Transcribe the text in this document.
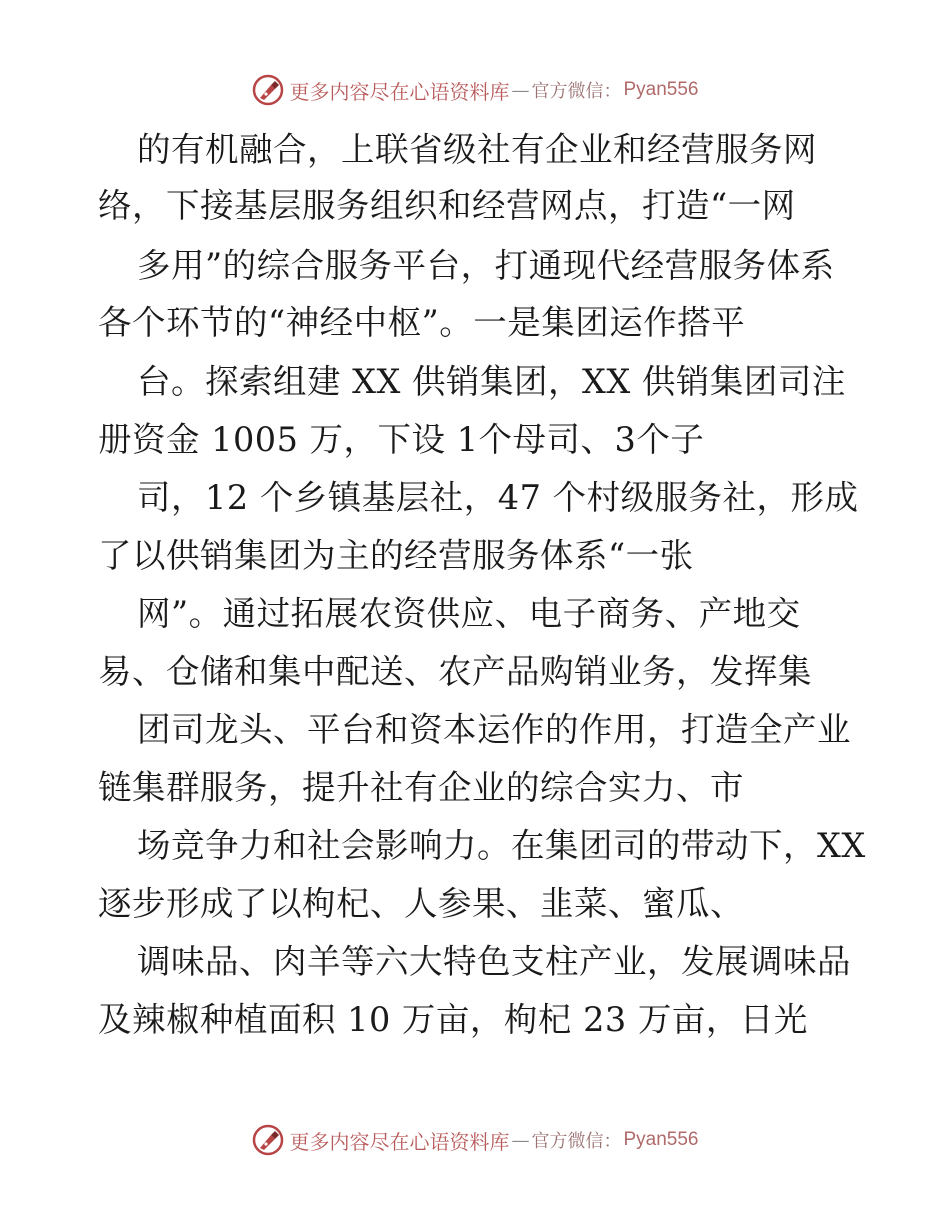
更多内容尽在心语资料库 — 官方微信： Pyan556
的有机融合，上联省级社有企业和经营服务网
络，下接基层服务组织和经营网点，打造“一网
多用”的综合服务平台，打通现代经营服务体系
各个环节的“神经中枢”。一是集团运作搭平
台。探索组建 XX 供销集团，XX 供销集团司注
册资金 1005 万，下设 1个母司、3个子
司，12 个乡镇基层社，47 个村级服务社，形成
了以供销集团为主的经营服务体系“一张
网”。通过拓展农资供应、电子商务、产地交
易、仓储和集中配送、农产品购销业务，发挥集
团司龙头、平台和资本运作的作用，打造全产业
链集群服务，提升社有企业的综合实力、市
场竞争力和社会影响力。在集团司的带动下，XX
逐步形成了以枸杞、人参果、韭菜、蜜瓜、
调味品、肉羊等六大特色支柱产业，发展调味品
及辣椒种植面积 10 万亩，枸杞 23 万亩，日光
更多内容尽在心语资料库 — 官方微信： Pyan556
